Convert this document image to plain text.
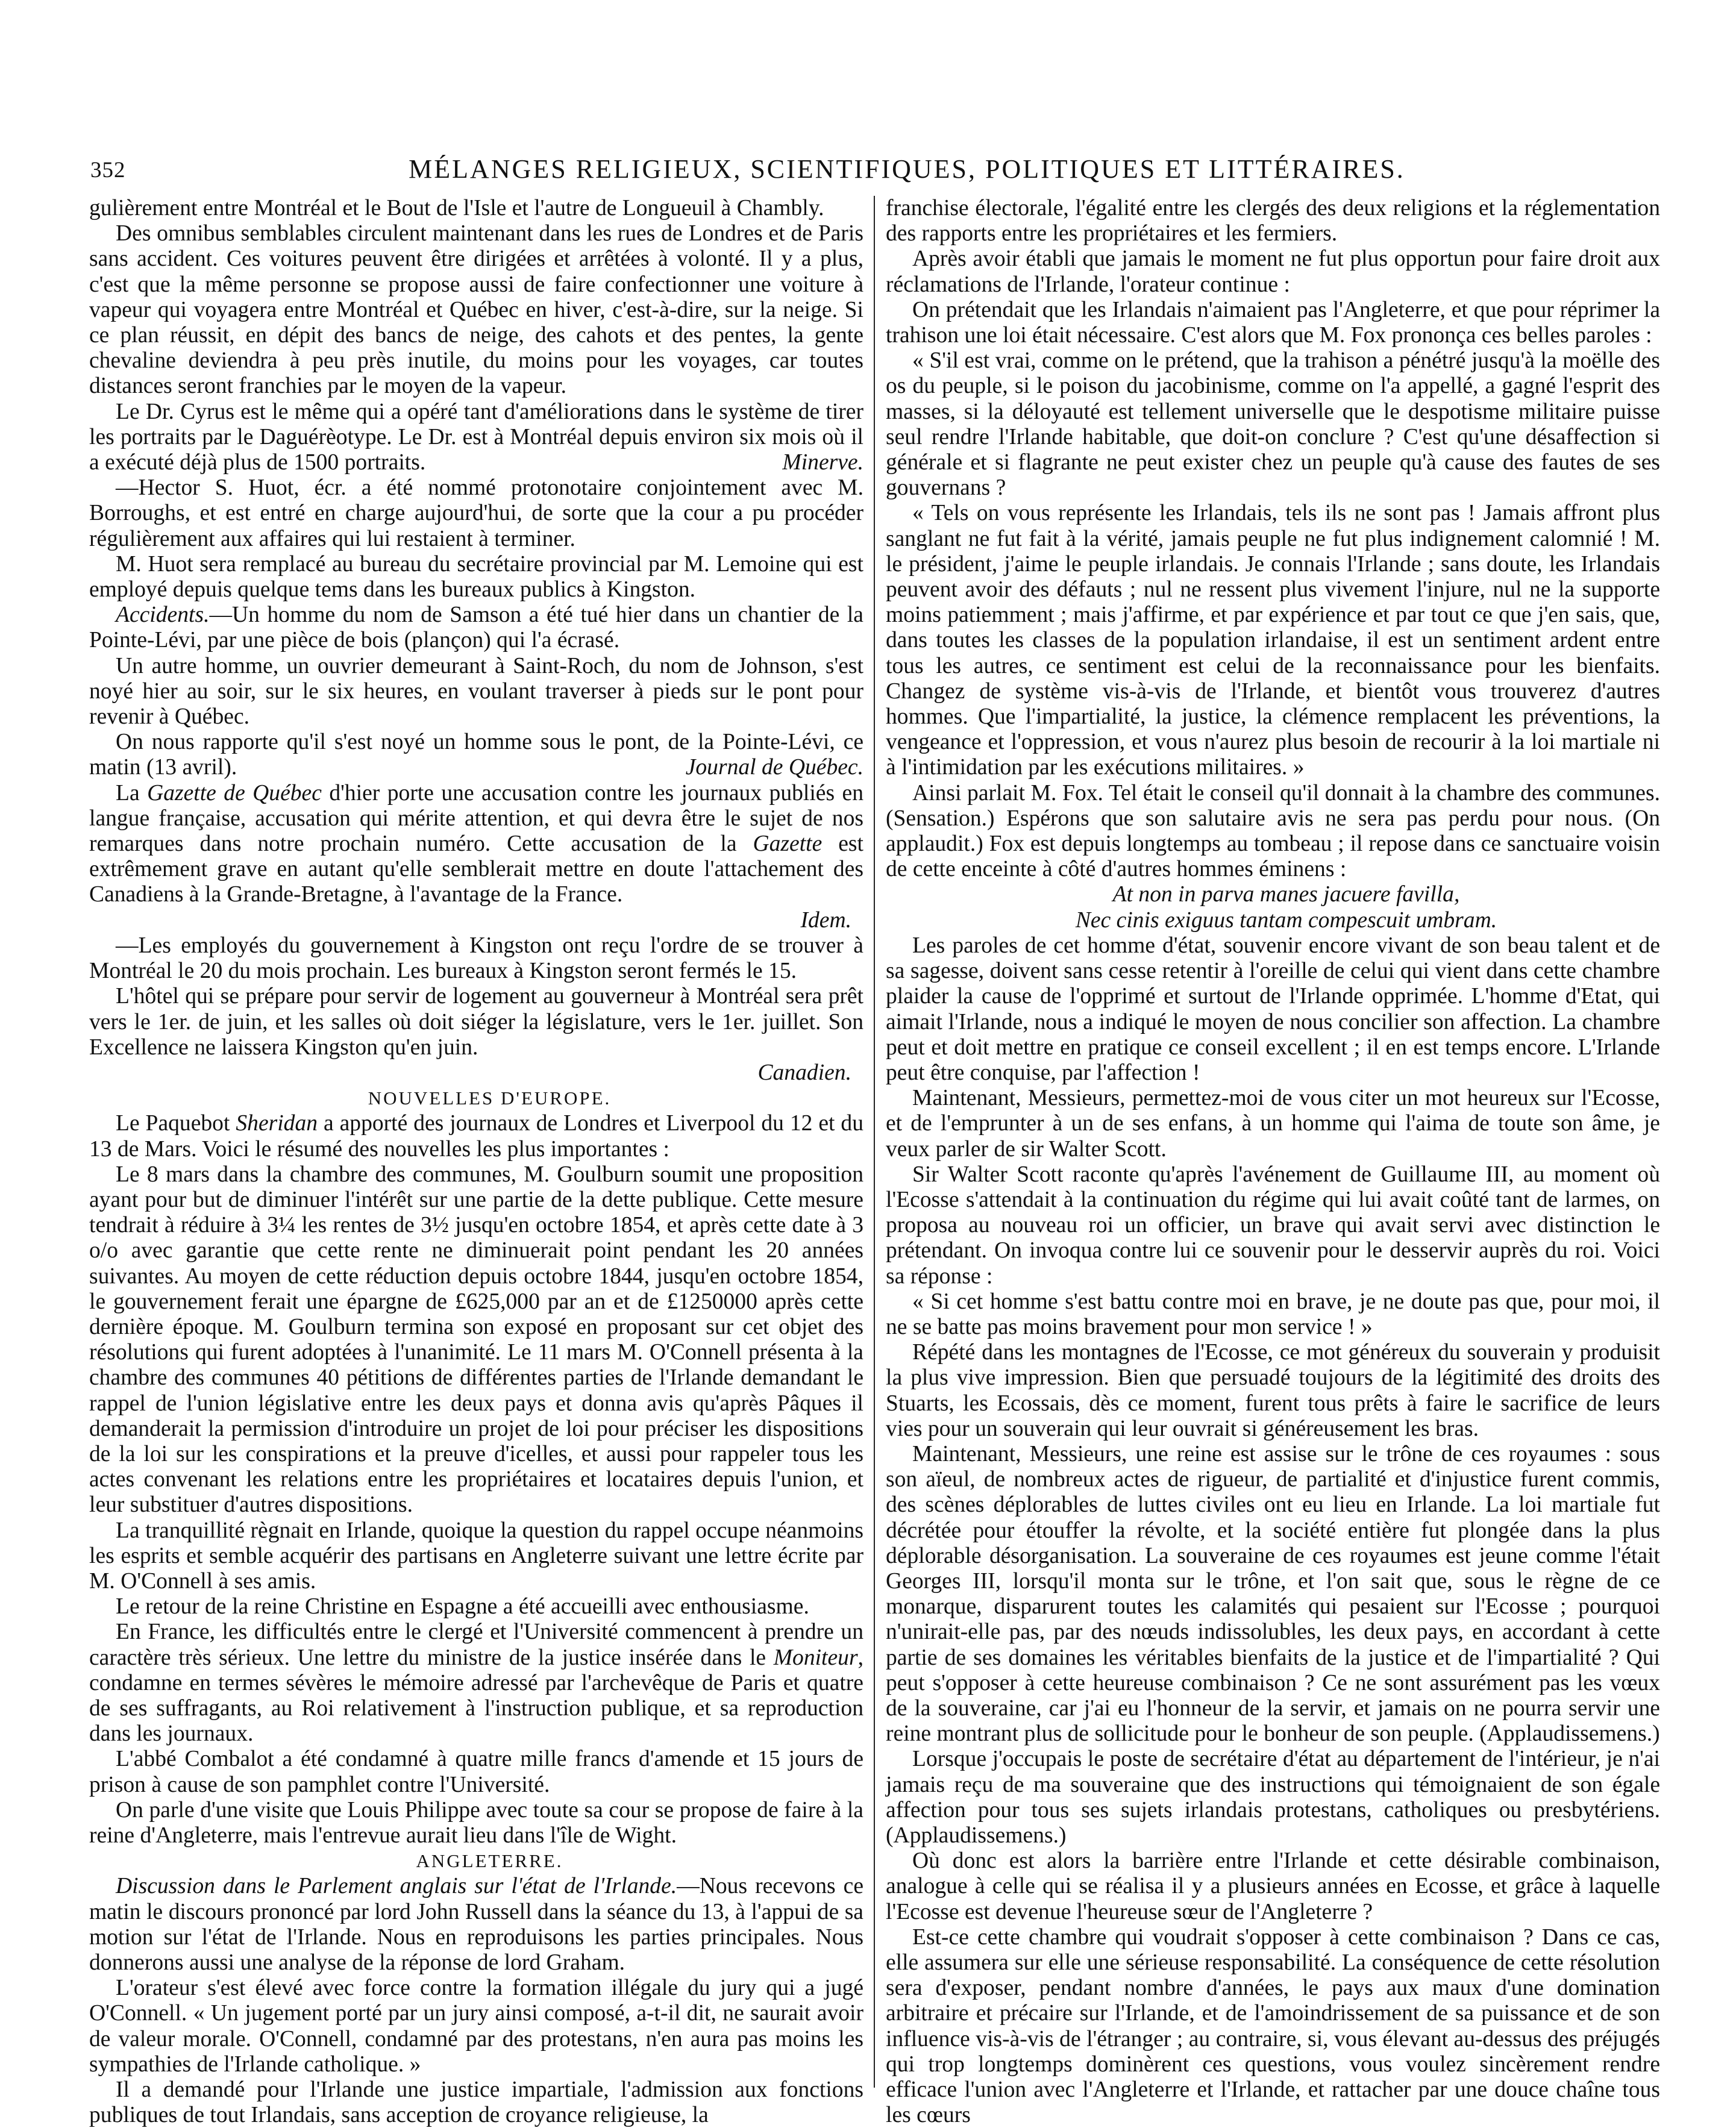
352	MÉLANGES RELIGIEUX, SCIENTIFIQUES, POLITIQUES ET LITTÉRAIRES.

gulièrement entre Montréal et le Bout de l'Isle et l'autre de Longueuil à Chambly.

Des omnibus semblables circulent maintenant dans les rues de Londres et de Paris sans accident. Ces voitures peuvent être dirigées et arrêtées à volonté. Il y a plus, c'est que la même personne se propose aussi de faire confectionner une voiture à vapeur qui voyagera entre Montréal et Québec en hiver, c'est-à-dire, sur la neige. Si ce plan réussit, en dépit des bancs de neige, des cahots et des pentes, la gente chevaline deviendra à peu près inutile, du moins pour les voyages, car toutes distances seront franchies par le moyen de la vapeur.

Le Dr. Cyrus est le même qui a opéré tant d'améliorations dans le système de tirer les portraits par le Daguérèotype. Le Dr. est à Montréal depuis environ six mois où il a exécuté déjà plus de 1500 portraits.	Minerve.

—Hector S. Huot, écr. a été nommé protonotaire conjointement avec M. Borroughs, et est entré en charge aujourd'hui, de sorte que la cour a pu procéder régulièrement aux affaires qui lui restaient à terminer.

M. Huot sera remplacé au bureau du secrétaire provincial par M. Lemoine qui est employé depuis quelque tems dans les bureaux publics à Kingston.

Accidents.—Un homme du nom de Samson a été tué hier dans un chantier de la Pointe-Lévi, par une pièce de bois (plançon) qui l'a écrasé.

Un autre homme, un ouvrier demeurant à Saint-Roch, du nom de Johnson, s'est noyé hier au soir, sur le six heures, en voulant traverser à pieds sur le pont pour revenir à Québec.

On nous rapporte qu'il s'est noyé un homme sous le pont, de la Pointe-Lévi, ce matin (13 avril).	Journal de Québec.

La Gazette de Québec d'hier porte une accusation contre les journaux publiés en langue française, accusation qui mérite attention, et qui devra être le sujet de nos remarques dans notre prochain numéro. Cette accusation de la Gazette est extrêmement grave en autant qu'elle semblerait mettre en doute l'attachement des Canadiens à la Grande-Bretagne, à l'avantage de la France.

Idem.

—Les employés du gouvernement à Kingston ont reçu l'ordre de se trouver à Montréal le 20 du mois prochain. Les bureaux à Kingston seront fermés le 15.

L'hôtel qui se prépare pour servir de logement au gouverneur à Montréal sera prêt vers le 1er. de juin, et les salles où doit siéger la législature, vers le 1er. juillet. Son Excellence ne laissera Kingston qu'en juin.

Canadien.

NOUVELLES D'EUROPE.

Le Paquebot Sheridan a apporté des journaux de Londres et Liverpool du 12 et du 13 de Mars. Voici le résumé des nouvelles les plus importantes :

Le 8 mars dans la chambre des communes, M. Goulburn soumit une proposition ayant pour but de diminuer l'intérêt sur une partie de la dette publique. Cette mesure tendrait à réduire à 3¼ les rentes de 3½ jusqu'en octobre 1854, et après cette date à 3 o/o avec garantie que cette rente ne diminuerait point pendant les 20 années suivantes. Au moyen de cette réduction depuis octobre 1844, jusqu'en octobre 1854, le gouvernement ferait une épargne de £625,000 par an et de £1250000 après cette dernière époque. M. Goulburn termina son exposé en proposant sur cet objet des résolutions qui furent adoptées à l'unanimité. Le 11 mars M. O'Connell présenta à la chambre des communes 40 pétitions de différentes parties de l'Irlande demandant le rappel de l'union législative entre les deux pays et donna avis qu'après Pâques il demanderait la permission d'introduire un projet de loi pour préciser les dispositions de la loi sur les conspirations et la preuve d'icelles, et aussi pour rappeler tous les actes convenant les relations entre les propriétaires et locataires depuis l'union, et leur substituer d'autres dispositions.

La tranquillité règnait en Irlande, quoique la question du rappel occupe néanmoins les esprits et semble acquérir des partisans en Angleterre suivant une lettre écrite par M. O'Connell à ses amis.

Le retour de la reine Christine en Espagne a été accueilli avec enthousiasme.

En France, les difficultés entre le clergé et l'Université commencent à prendre un caractère très sérieux. Une lettre du ministre de la justice insérée dans le Moniteur, condamne en termes sévères le mémoire adressé par l'archevêque de Paris et quatre de ses suffragants, au Roi relativement à l'instruction publique, et sa reproduction dans les journaux.

L'abbé Combalot a été condamné à quatre mille francs d'amende et 15 jours de prison à cause de son pamphlet contre l'Université.

On parle d'une visite que Louis Philippe avec toute sa cour se propose de faire à la reine d'Angleterre, mais l'entrevue aurait lieu dans l'île de Wight.

ANGLETERRE.

Discussion dans le Parlement anglais sur l'état de l'Irlande.—Nous recevons ce matin le discours prononcé par lord John Russell dans la séance du 13, à l'appui de sa motion sur l'état de l'Irlande. Nous en reproduisons les parties principales. Nous donnerons aussi une analyse de la réponse de lord Graham.

L'orateur s'est élevé avec force contre la formation illégale du jury qui a jugé O'Connell. « Un jugement porté par un jury ainsi composé, a-t-il dit, ne saurait avoir de valeur morale. O'Connell, condamné par des protestans, n'en aura pas moins les sympathies de l'Irlande catholique. »

Il a demandé pour l'Irlande une justice impartiale, l'admission aux fonctions publiques de tout Irlandais, sans acception de croyance religieuse, la

franchise électorale, l'égalité entre les clergés des deux religions et la réglementation des rapports entre les propriétaires et les fermiers.

Après avoir établi que jamais le moment ne fut plus opportun pour faire droit aux réclamations de l'Irlande, l'orateur continue :

On prétendait que les Irlandais n'aimaient pas l'Angleterre, et que pour réprimer la trahison une loi était nécessaire. C'est alors que M. Fox prononça ces belles paroles :

« S'il est vrai, comme on le prétend, que la trahison a pénétré jusqu'à la moëlle des os du peuple, si le poison du jacobinisme, comme on l'a appellé, a gagné l'esprit des masses, si la déloyauté est tellement universelle que le despotisme militaire puisse seul rendre l'Irlande habitable, que doit-on conclure ? C'est qu'une désaffection si générale et si flagrante ne peut exister chez un peuple qu'à cause des fautes de ses gouvernans ?

« Tels on vous représente les Irlandais, tels ils ne sont pas ! Jamais affront plus sanglant ne fut fait à la vérité, jamais peuple ne fut plus indignement calomnié ! M. le président, j'aime le peuple irlandais. Je connais l'Irlande ; sans doute, les Irlandais peuvent avoir des défauts ; nul ne ressent plus vivement l'injure, nul ne la supporte moins patiemment ; mais j'affirme, et par expérience et par tout ce que j'en sais, que, dans toutes les classes de la population irlandaise, il est un sentiment ardent entre tous les autres, ce sentiment est celui de la reconnaissance pour les bienfaits. Changez de système vis-à-vis de l'Irlande, et bientôt vous trouverez d'autres hommes. Que l'impartialité, la justice, la clémence remplacent les préventions, la vengeance et l'oppression, et vous n'aurez plus besoin de recourir à la loi martiale ni à l'intimidation par les exécutions militaires. »

Ainsi parlait M. Fox. Tel était le conseil qu'il donnait à la chambre des communes. (Sensation.) Espérons que son salutaire avis ne sera pas perdu pour nous. (On applaudit.) Fox est depuis longtemps au tombeau ; il repose dans ce sanctuaire voisin de cette enceinte à côté d'autres hommes éminens :

At non in parva manes jacuere favilla,

Nec cinis exiguus tantam compescuit umbram.

Les paroles de cet homme d'état, souvenir encore vivant de son beau talent et de sa sagesse, doivent sans cesse retentir à l'oreille de celui qui vient dans cette chambre plaider la cause de l'opprimé et surtout de l'Irlande opprimée. L'homme d'Etat, qui aimait l'Irlande, nous a indiqué le moyen de nous concilier son affection. La chambre peut et doit mettre en pratique ce conseil excellent ; il en est temps encore. L'Irlande peut être conquise, par l'affection !

Maintenant, Messieurs, permettez-moi de vous citer un mot heureux sur l'Ecosse, et de l'emprunter à un de ses enfans, à un homme qui l'aima de toute son âme, je veux parler de sir Walter Scott.

Sir Walter Scott raconte qu'après l'avénement de Guillaume III, au moment où l'Ecosse s'attendait à la continuation du régime qui lui avait coûté tant de larmes, on proposa au nouveau roi un officier, un brave qui avait servi avec distinction le prétendant. On invoqua contre lui ce souvenir pour le desservir auprès du roi. Voici sa réponse :

« Si cet homme s'est battu contre moi en brave, je ne doute pas que, pour moi, il ne se batte pas moins bravement pour mon service ! »

Répété dans les montagnes de l'Ecosse, ce mot généreux du souverain y produisit la plus vive impression. Bien que persuadé toujours de la légitimité des droits des Stuarts, les Ecossais, dès ce moment, furent tous prêts à faire le sacrifice de leurs vies pour un souverain qui leur ouvrait si généreusement les bras.

Maintenant, Messieurs, une reine est assise sur le trône de ces royaumes : sous son aïeul, de nombreux actes de rigueur, de partialité et d'injustice furent commis, des scènes déplorables de luttes civiles ont eu lieu en Irlande. La loi martiale fut décrétée pour étouffer la révolte, et la société entière fut plongée dans la plus déplorable désorganisation. La souveraine de ces royaumes est jeune comme l'était Georges III, lorsqu'il monta sur le trône, et l'on sait que, sous le règne de ce monarque, disparurent toutes les calamités qui pesaient sur l'Ecosse ; pourquoi n'unirait-elle pas, par des nœuds indissolubles, les deux pays, en accordant à cette partie de ses domaines les véritables bienfaits de la justice et de l'impartialité ? Qui peut s'opposer à cette heureuse combinaison ? Ce ne sont assurément pas les vœux de la souveraine, car j'ai eu l'honneur de la servir, et jamais on ne pourra servir une reine montrant plus de sollicitude pour le bonheur de son peuple. (Applaudissemens.)

Lorsque j'occupais le poste de secrétaire d'état au département de l'intérieur, je n'ai jamais reçu de ma souveraine que des instructions qui témoignaient de son égale affection pour tous ses sujets irlandais protestans, catholiques ou presbytériens. (Applaudissemens.)

Où donc est alors la barrière entre l'Irlande et cette désirable combinaison, analogue à celle qui se réalisa il y a plusieurs années en Ecosse, et grâce à laquelle l'Ecosse est devenue l'heureuse sœur de l'Angleterre ?

Est-ce cette chambre qui voudrait s'opposer à cette combinaison ? Dans ce cas, elle assumera sur elle une sérieuse responsabilité. La conséquence de cette résolution sera d'exposer, pendant nombre d'années, le pays aux maux d'une domination arbitraire et précaire sur l'Irlande, et de l'amoindrissement de sa puissance et de son influence vis-à-vis de l'étranger ; au contraire, si, vous élevant au-dessus des préjugés qui trop longtemps dominèrent ces questions, vous voulez sincèrement rendre efficace l'union avec l'Angleterre et l'Irlande, et rattacher par une douce chaîne tous les cœurs
